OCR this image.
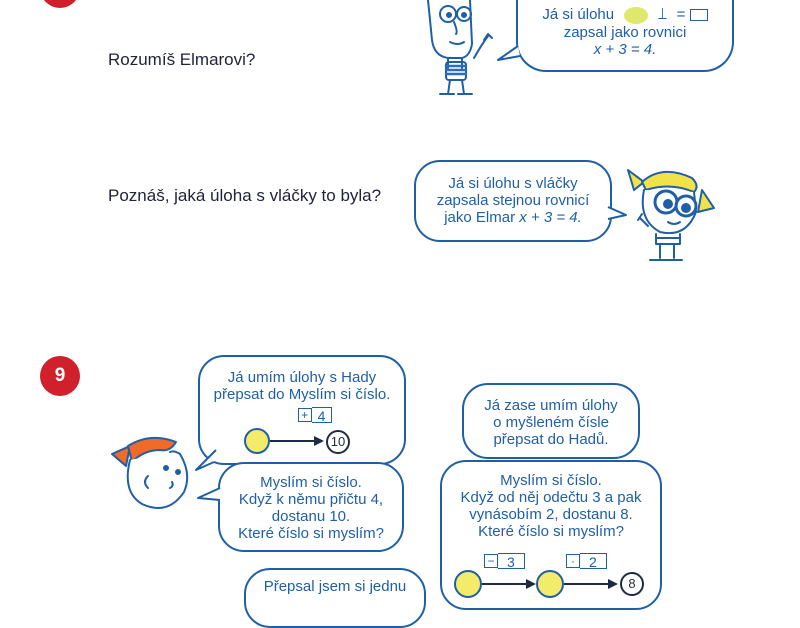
Rozumíš Elmarovi?
Poznáš, jaká úloha s vláčky to byla?
Já si úlohu	⟘ =
zapsal jako rovnici
x + 3 = 4.
Já si úlohu s vláčky
zapsala stejnou rovnicí
jako Elmar x + 3 = 4.
9	Já umím úlohy s Hady
přepsat do Myslím si číslo.
+ 4
10
Myslím si číslo.
Když k němu přičtu 4,
dostanu 10.
Které číslo si myslím?
Já zase umím úlohy
o myšleném čísle
přepsat do Hadů.
Myslím si číslo.
Když od něj odečtu 3 a pak
vynásobím 2, dostanu 8.
Které číslo si myslím?
− 3	· 2
8
Přepsal jsem si jednu
